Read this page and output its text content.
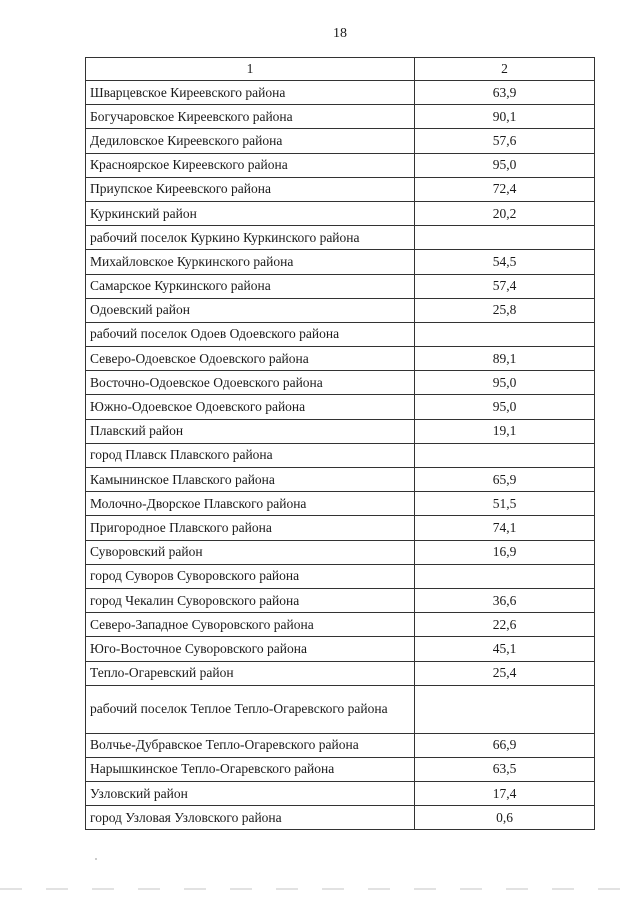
18
1	2
Шварцевское Киреевского района	63,9
Богучаровское Киреевского района	90,1
Дедиловское Киреевского района	57,6
Красноярское Киреевского района	95,0
Приупское Киреевского района	72,4
Куркинский район	20,2
рабочий поселок Куркино Куркинского района	
Михайловское Куркинского района	54,5
Самарское Куркинского района	57,4
Одоевский район	25,8
рабочий поселок Одоев Одоевского района	
Северо-Одоевское Одоевского района	89,1
Восточно-Одоевское Одоевского района	95,0
Южно-Одоевское Одоевского района	95,0
Плавский район	19,1
город Плавск Плавского района	
Камынинское Плавского района	65,9
Молочно-Дворское Плавского района	51,5
Пригородное Плавского района	74,1
Суворовский район	16,9
город Суворов Суворовского района	
город Чекалин Суворовского района	36,6
Северо-Западное Суворовского района	22,6
Юго-Восточное Суворовского района	45,1
Тепло-Огаревский район	25,4
рабочий поселок Теплое Тепло-Огаревского района	
Волчье-Дубравское Тепло-Огаревского района	66,9
Нарышкинское Тепло-Огаревского района	63,5
Узловский район	17,4
город Узловая Узловского района	0,6
